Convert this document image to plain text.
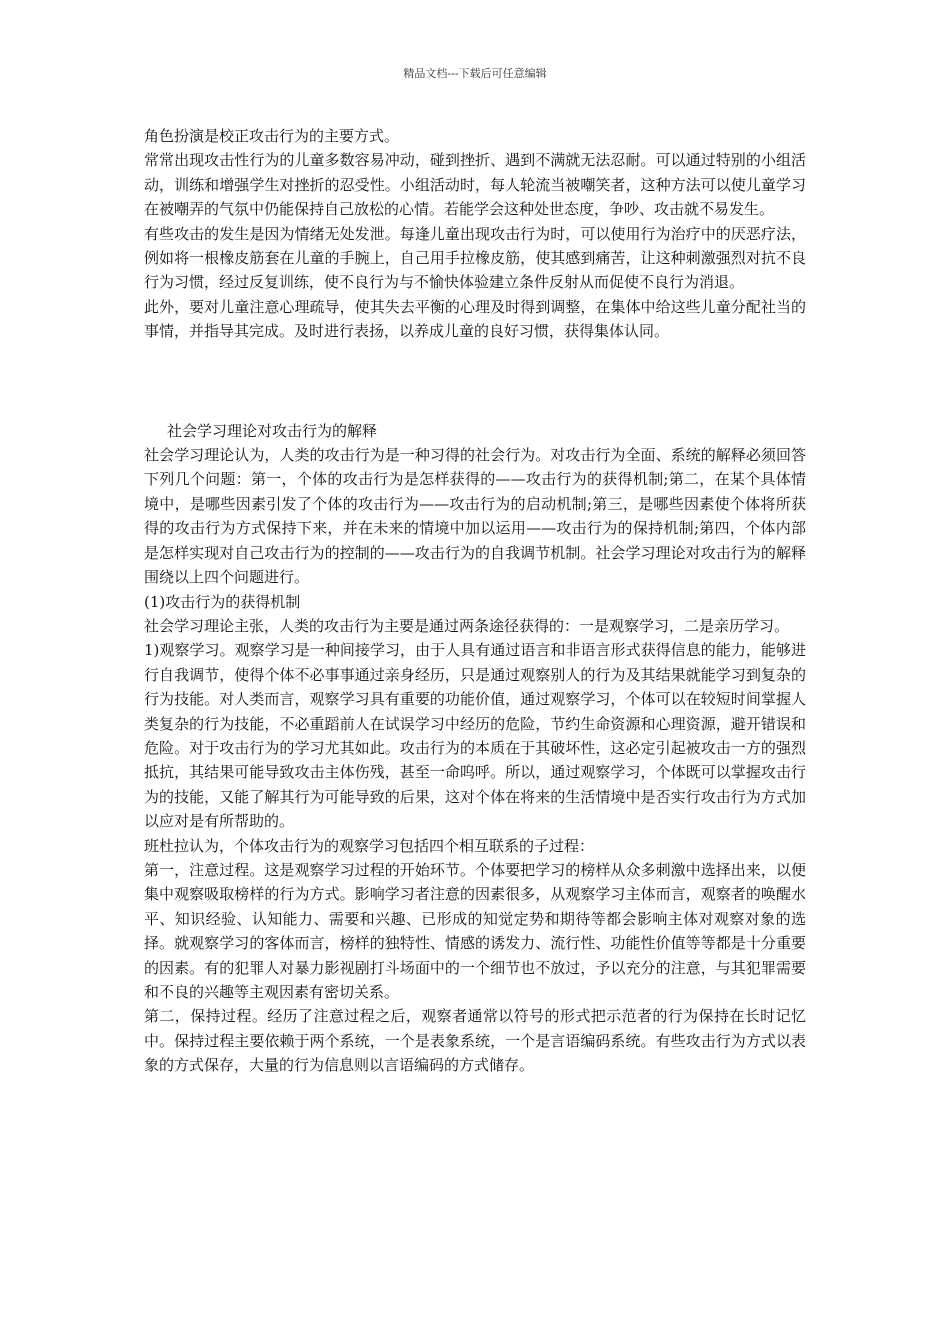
精品文档---下载后可任意编辑

角色扮演是校正攻击行为的主要方式。

常常出现攻击性行为的儿童多数容易冲动，碰到挫折、遇到不满就无法忍耐。可以通过特别的小组活动，训练和增强学生对挫折的忍受性。小组活动时，每人轮流当被嘲笑者，这种方法可以使儿童学习在被嘲弄的气氛中仍能保持自己放松的心情。若能学会这种处世态度，争吵、攻击就不易发生。

有些攻击的发生是因为情绪无处发泄。每逢儿童出现攻击行为时，可以使用行为治疗中的厌恶疗法，例如将一根橡皮筋套在儿童的手腕上，自己用手拉橡皮筋，使其感到痛苦，让这种刺激强烈对抗不良行为习惯，经过反复训练，使不良行为与不愉快体验建立条件反射从而促使不良行为消退。

此外，要对儿童注意心理疏导，使其失去平衡的心理及时得到调整，在集体中给这些儿童分配社当的事情，并指导其完成。及时进行表扬，以养成儿童的良好习惯，获得集体认同。

社会学习理论对攻击行为的解释

社会学习理论认为，人类的攻击行为是一种习得的社会行为。对攻击行为全面、系统的解释必须回答下列几个问题：第一，个体的攻击行为是怎样获得的——攻击行为的获得机制;第二，在某个具体情境中，是哪些因素引发了个体的攻击行为——攻击行为的启动机制;第三，是哪些因素使个体将所获得的攻击行为方式保持下来，并在未来的情境中加以运用——攻击行为的保持机制;第四，个体内部是怎样实现对自己攻击行为的控制的——攻击行为的自我调节机制。社会学习理论对攻击行为的解释围绕以上四个问题进行。

(1)攻击行为的获得机制

社会学习理论主张，人类的攻击行为主要是通过两条途径获得的：一是观察学习，二是亲历学习。

1)观察学习。观察学习是一种间接学习，由于人具有通过语言和非语言形式获得信息的能力，能够进行自我调节，使得个体不必事事通过亲身经历，只是通过观察别人的行为及其结果就能学习到复杂的行为技能。对人类而言，观察学习具有重要的功能价值，通过观察学习，个体可以在较短时间掌握人类复杂的行为技能，不必重蹈前人在试误学习中经历的危险，节约生命资源和心理资源，避开错误和危险。对于攻击行为的学习尤其如此。攻击行为的本质在于其破坏性，这必定引起被攻击一方的强烈抵抗，其结果可能导致攻击主体伤残，甚至一命呜呼。所以，通过观察学习，个体既可以掌握攻击行为的技能，又能了解其行为可能导致的后果，这对个体在将来的生活情境中是否实行攻击行为方式加以应对是有所帮助的。

班杜拉认为，个体攻击行为的观察学习包括四个相互联系的子过程：

第一，注意过程。这是观察学习过程的开始环节。个体要把学习的榜样从众多刺激中选择出来，以便集中观察吸取榜样的行为方式。影响学习者注意的因素很多，从观察学习主体而言，观察者的唤醒水平、知识经验、认知能力、需要和兴趣、已形成的知觉定势和期待等都会影响主体对观察对象的选择。就观察学习的客体而言，榜样的独特性、情感的诱发力、流行性、功能性价值等等都是十分重要的因素。有的犯罪人对暴力影视剧打斗场面中的一个细节也不放过，予以充分的注意，与其犯罪需要和不良的兴趣等主观因素有密切关系。

第二，保持过程。经历了注意过程之后，观察者通常以符号的形式把示范者的行为保持在长时记忆中。保持过程主要依赖于两个系统，一个是表象系统，一个是言语编码系统。有些攻击行为方式以表象的方式保存，大量的行为信息则以言语编码的方式储存。
